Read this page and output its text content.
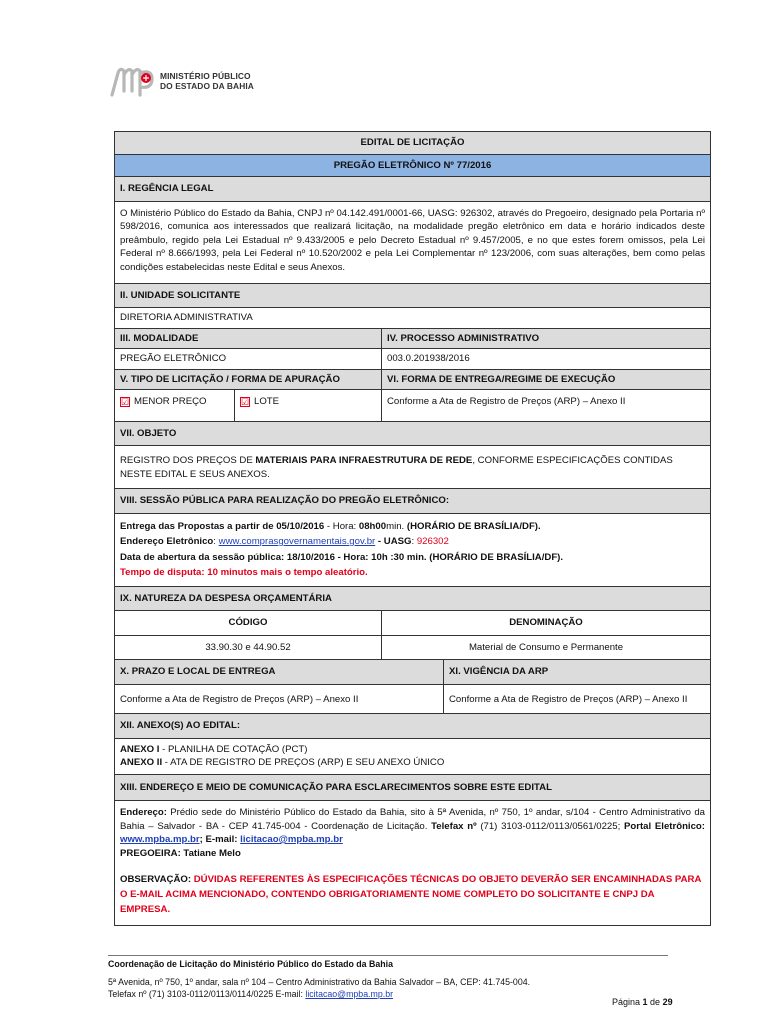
MINISTÉRIO PÚBLICO
DO ESTADO DA BAHIA
EDITAL DE LICITAÇÃO			
PREGÃO ELETRÔNICO Nº 77/2016			
I. REGÊNCIA LEGAL			
O Ministério Público do Estado da Bahia, CNPJ nº 04.142.491/0001-66, UASG: 926302, através do Pregoeiro, designado pela Portaria nº 598/2016, comunica aos interessados que realizará licitação, na modalidade pregão eletrônico em data e horário indicados deste preâmbulo, regido pela Lei Estadual nº 9.433/2005 e pelo Decreto Estadual nº 9.457/2005, e no que estes forem omissos, pela Lei Federal nº 8.666/1993, pela Lei Federal nº 10.520/2002 e pela Lei Complementar nº 123/2006, com suas alterações, bem como pelas condições estabelecidas neste Edital e seus Anexos.			
II. UNIDADE SOLICITANTE			
DIRETORIA ADMINISTRATIVA			
III. MODALIDADE		IV. PROCESSO ADMINISTRATIVO	
PREGÃO ELETRÔNICO		003.0.201938/2016	
V. TIPO DE LICITAÇÃO / FORMA DE APURAÇÃO		VI. FORMA DE ENTREGA/REGIME DE EXECUÇÃO	
☑ MENOR PREÇO	☑ LOTE	Conforme a Ata de Registro de Preços (ARP) – Anexo II	
VII. OBJETO			
REGISTRO DOS PREÇOS DE MATERIAIS PARA INFRAESTRUTURA DE REDE, CONFORME ESPECIFICAÇÕES CONTIDAS NESTE EDITAL E SEUS ANEXOS.			
VIII. SESSÃO PÚBLICA PARA REALIZAÇÃO DO PREGÃO ELETRÔNICO:			

Entrega das Propostas a partir de 05/10/2016 - Hora: 08h00min. (HORÁRIO DE BRASÍLIA/DF).
Endereço Eletrônico: www.comprasgovernamentais.gov.br - UASG: 926302
Data de abertura da sessão pública: 18/10/2016 - Hora: 10h :30 min. (HORÁRIO DE BRASÍLIA/DF).
Tempo de disputa: 10 minutos mais o tempo aleatório.			

IX. NATUREZA DA DESPESA ORÇAMENTÁRIA			
CÓDIGO		DENOMINAÇÃO	
33.90.30 e 44.90.52		Material de Consumo e Permanente	
X. PRAZO E LOCAL DE ENTREGA			XI. VIGÊNCIA DA ARP
Conforme a Ata de Registro de Preços (ARP) – Anexo II			Conforme a Ata de Registro de Preços (ARP) – Anexo II
XII. ANEXO(S) AO EDITAL:			

ANEXO I - PLANILHA DE COTAÇÃO (PCT)
ANEXO II - ATA DE REGISTRO DE PREÇOS (ARP) E SEU ANEXO ÚNICO			

XIII. ENDEREÇO E MEIO DE COMUNICAÇÃO PARA ESCLARECIMENTOS SOBRE ESTE EDITAL			

Endereço: Prédio sede do Ministério Público do Estado da Bahia, sito à 5ª Avenida, nº 750, 1º andar, s/104 - Centro Administrativo da Bahia – Salvador - BA - CEP 41.745-004 - Coordenação de Licitação. Telefax nº (71) 3103-0112/0113/0561/0225; Portal Eletrônico: www.mpba.mp.br; E-mail: licitacao@mpba.mp.br
PREGOEIRA: Tatiane Melo
OBSERVAÇÃO: DÚVIDAS REFERENTES ÀS ESPECIFICAÇÕES TÉCNICAS DO OBJETO DEVERÃO SER ENCAMINHADAS PARA O E-MAIL ACIMA MENCIONADO, CONTENDO OBRIGATORIAMENTE NOME COMPLETO DO SOLICITANTE E CNPJ DA EMPRESA.			
Coordenação de Licitação do Ministério Público do Estado da Bahia
5ª Avenida, nº 750, 1º andar, sala nº 104 – Centro Administrativo da Bahia Salvador – BA, CEP: 41.745-004.
Telefax nº (71) 3103-0112/0113/0114/0225 E-mail: licitacao@mpba.mp.br
Página 1 de 29
